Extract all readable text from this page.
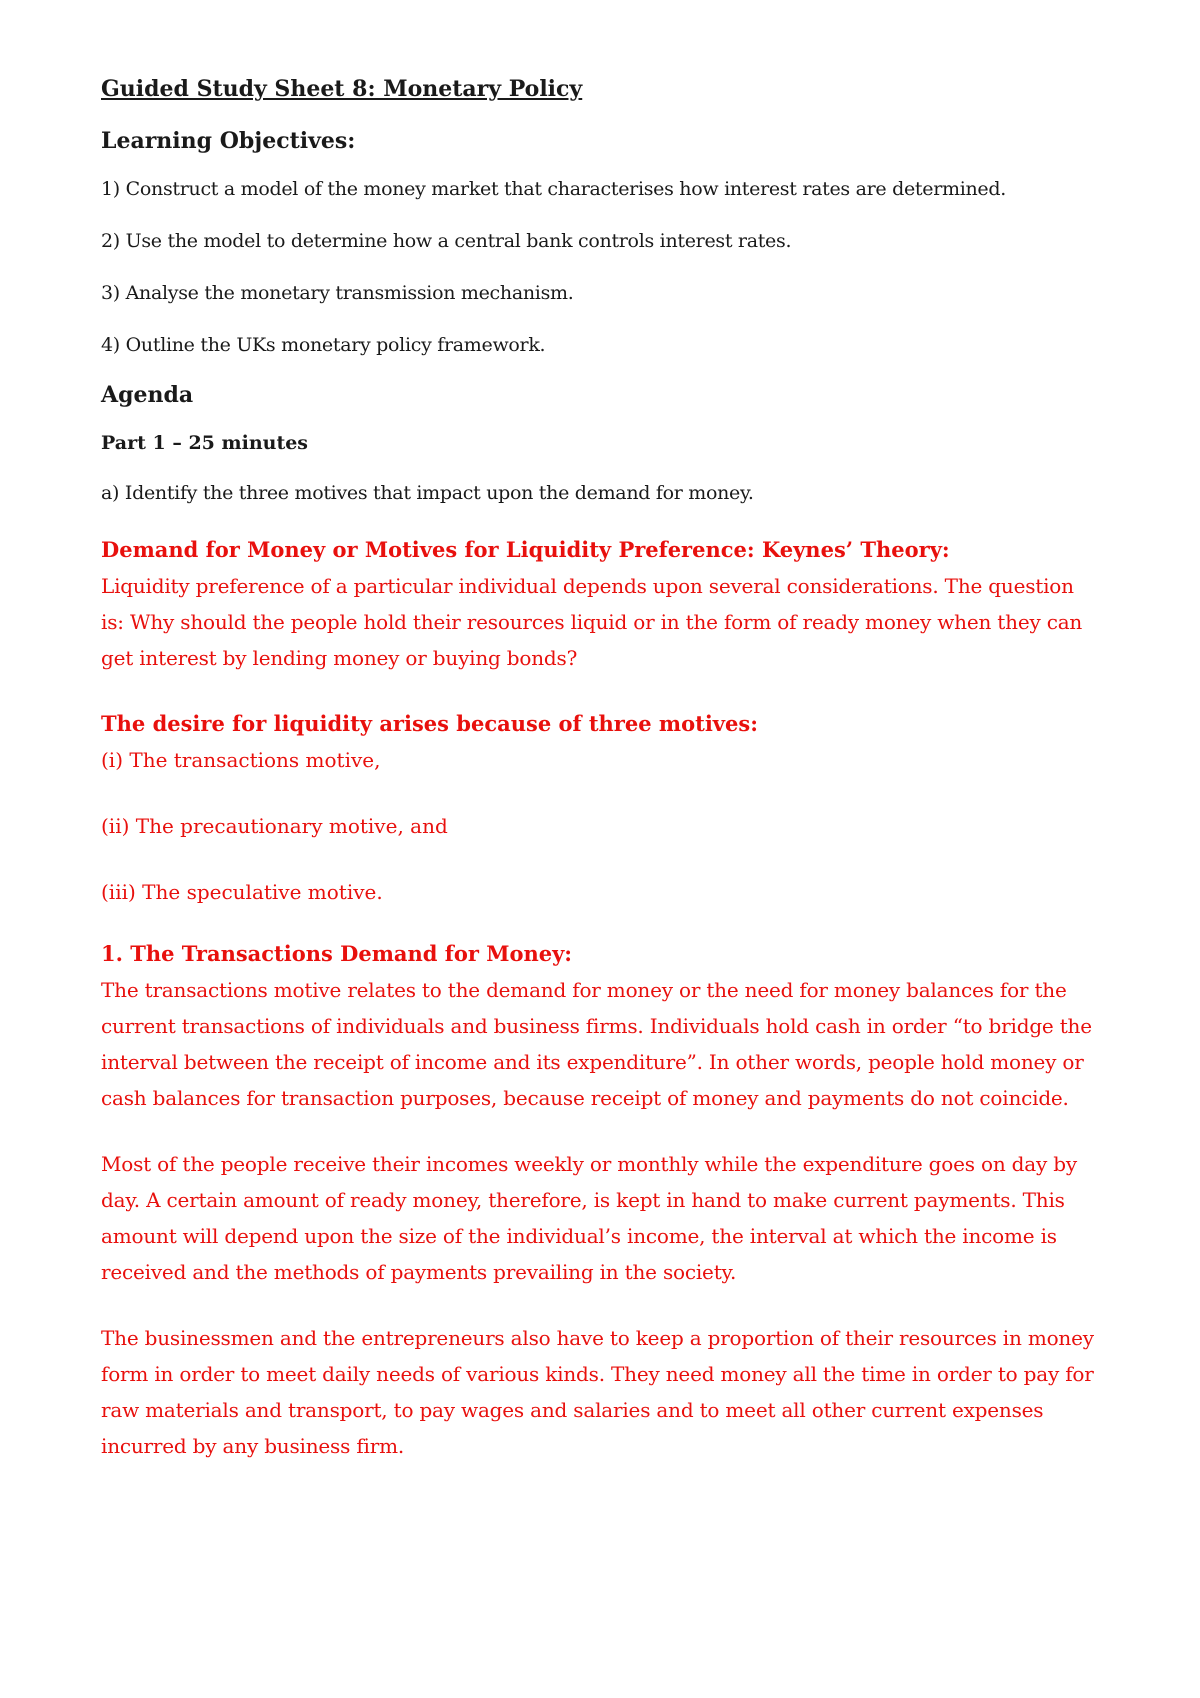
Guided Study Sheet 8: Monetary Policy
Learning Objectives:

1) Construct a model of the money market that characterises how interest rates are determined.

2) Use the model to determine how a central bank controls interest rates.

3) Analyse the monetary transmission mechanism.

4) Outline the UKs monetary policy framework.

Agenda

Part 1 – 25 minutes

a) Identify the three motives that impact upon the demand for money.

Demand for Money or Motives for Liquidity Preference: Keynes’ Theory:

Liquidity preference of a particular individual depends upon several considerations. The question is: Why should the people hold their resources liquid or in the form of ready money when they can get interest by lending money or buying bonds?

The desire for liquidity arises because of three motives:

(i) The transactions motive,

(ii) The precautionary motive, and

(iii) The speculative motive.

1. The Transactions Demand for Money:

The transactions motive relates to the demand for money or the need for money balances for the current transactions of individuals and business firms. Individuals hold cash in order “to bridge the interval between the receipt of income and its expenditure”. In other words, people hold money or cash balances for transaction purposes, because receipt of money and payments do not coincide.

Most of the people receive their incomes weekly or monthly while the expenditure goes on day by day. A certain amount of ready money, therefore, is kept in hand to make current payments. This amount will depend upon the size of the individual’s income, the interval at which the income is received and the methods of payments prevailing in the society.

The businessmen and the entrepreneurs also have to keep a proportion of their resources in money form in order to meet daily needs of various kinds. They need money all the time in order to pay for raw materials and transport, to pay wages and salaries and to meet all other current expenses incurred by any business firm.
